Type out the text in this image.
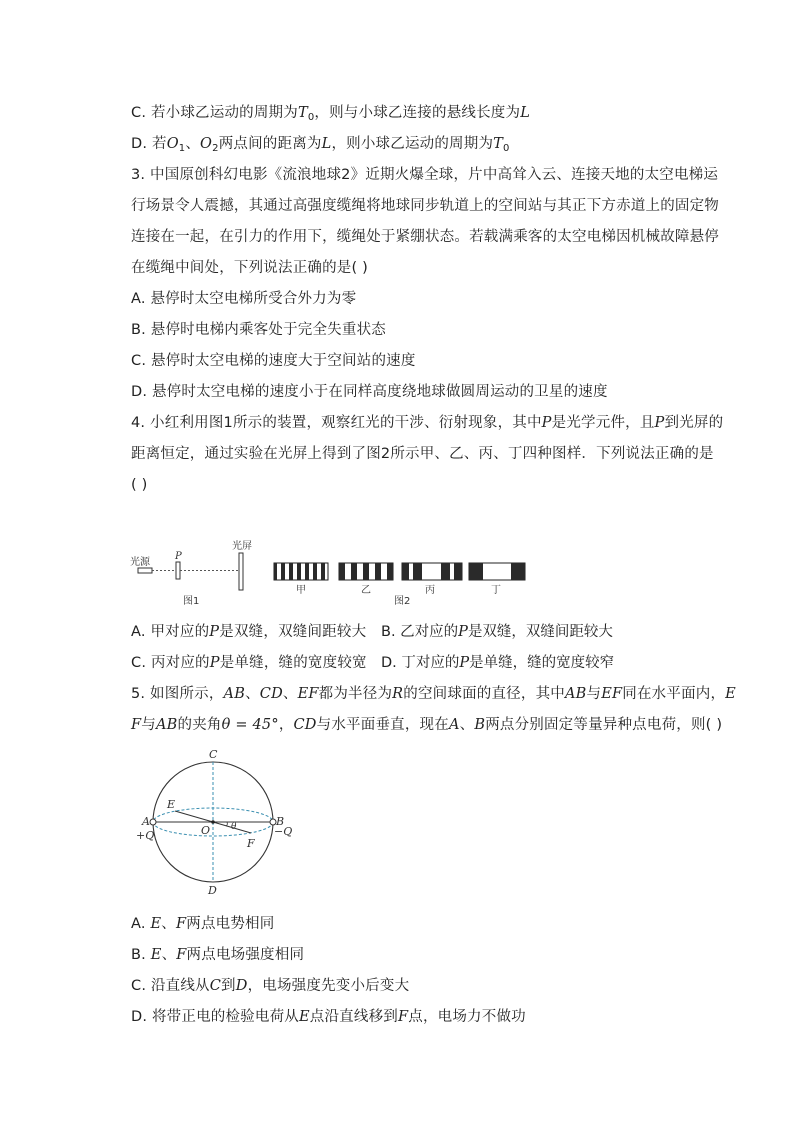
C. 若小球乙运动的周期为$T_0$，则与小球乙连接的悬线长度为L
D. 若$O_1$、$O_2$两点间的距离为L，则小球乙运动的周期为$T_0$
3. 中国原创科幻电影《流浪地球2》近期火爆全球，片中高耸入云、连接天地的太空电梯运
行场景令人震撼，其通过高强度缆绳将地球同步轨道上的空间站与其正下方赤道上的固定物
连接在一起，在引力的作用下，缆绳处于紧绷状态。若载满乘客的太空电梯因机械故障悬停
在缆绳中间处，下列说法正确的是( )
A. 悬停时太空电梯所受合外力为零
B. 悬停时电梯内乘客处于完全失重状态
C. 悬停时太空电梯的速度大于空间站的速度
D. 悬停时太空电梯的速度小于在同样高度绕地球做圆周运动的卫星的速度
4. 小红利用图1所示的装置，观察红光的干涉、衍射现象，其中P是光学元件，且P到光屏的
距离恒定，通过实验在光屏上得到了图2所示甲、乙、丙、丁四种图样．下列说法正确的是
( )
光源
P
光屏
图1
甲	乙	丙	丁
图2
A. 甲对应的P是双缝，双缝间距较大 B. 乙对应的P是双缝，双缝间距较大
C. 丙对应的P是单缝，缝的宽度较宽 D. 丁对应的P是单缝，缝的宽度较窄
5. 如图所示，AB、CD、EF都为半径为R的空间球面的直径，其中AB与EF同在水平面内，E
F与AB的夹角θ = 45°，CD与水平面垂直，现在A、B两点分别固定等量异种点电荷，则( )
C
D
A
+Q
B
−Q
E
F
O θ
A. E、F两点电势相同
B. E、F两点电场强度相同
C. 沿直线从C到D，电场强度先变小后变大
D. 将带正电的检验电荷从E点沿直线移到F点，电场力不做功
